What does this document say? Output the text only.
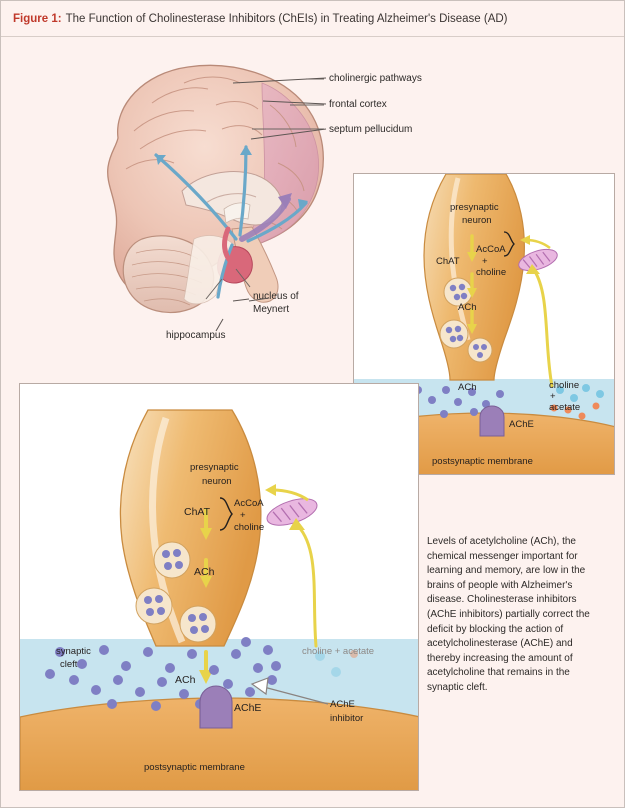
Figure 1: The Function of Cholinesterase Inhibitors (ChEIs) in Treating Alzheimer's Disease (AD)
cholinergic pathways
frontal cortex
septum pellucidum
nucleus of
Meynert
hippocampus
presynaptic
neuron
ChAT
AcCoA
+
choline
ACh
ACh
AChE
choline
+
acetate
postsynaptic membrane
presynaptic
neuron
ChAT
AcCoA
+
choline
ACh
ACh
AChE
synaptic
cleft
choline + acetate
AChE
inhibitor
postsynaptic membrane
Levels of acetylcholine (ACh), the chemical messenger important for learning and memory, are low in the brains of people with Alzheimer's disease. Cholinesterase inhibitors (AChE inhibitors) partially correct the deficit by blocking the action of acetylcholinesterase (AChE) and thereby increasing the amount of acetylcholine that remains in the synaptic cleft.
